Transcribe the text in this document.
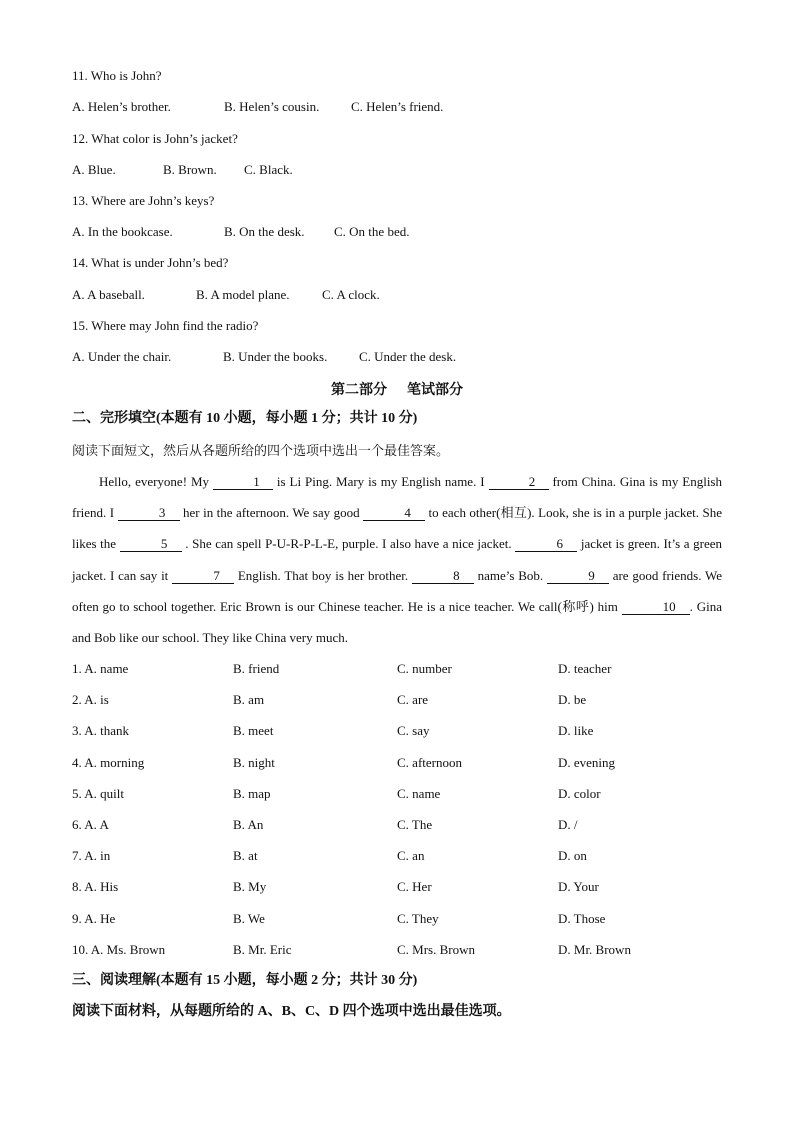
11. Who is John?
A. Helen’s brother.	B. Helen’s cousin. C. Helen’s friend.
12. What color is John’s jacket?
A. Blue.	B. Brown. C. Black.
13. Where are John’s keys?
A. In the bookcase.	B. On the desk. C. On the bed.
14. What is under John’s bed?
A. A baseball.	B. A model plane. C. A clock.
15. Where may John find the radio?
A. Under the chair.	B. Under the books. C. Under the desk.
第二部分 笔试部分
二、完形填空(本题有 10 小题，每小题 1 分；共计 10 分)
阅读下面短文，然后从各题所给的四个选项中选出一个最佳答案。
Hello, everyone! My	1 is Li Ping. Mary is my English name. I	2 from China. Gina is my English friend. I	3 her in the afternoon. We say good	4 to each other(相互). Look, she is in a purple jacket. She likes the	5 . She can spell P-U-R-P-L-E, purple. I also have a nice jacket.	6 jacket is green. It’s a green jacket. I can say it	7 English. That boy is her brother.	8 name’s Bob.	9 are good friends. We often go to school together. Eric Brown is our Chinese teacher. He is a nice teacher. We call(称呼) him	10 . Gina and Bob like our school. They like China very much.
1. A. name	B. friend	C. number	D. teacher
2. A. is	B. am	C. are	D. be
3. A. thank	B. meet	C. say	D. like
4. A. morning	B. night	C. afternoon	D. evening
5. A. quilt	B. map	C. name	D. color
6. A. A	B. An	C. The	D. /
7. A. in	B. at	C. an	D. on
8. A. His	B. My	C. Her	D. Your
9. A. He	B. We	C. They	D. Those
10. A. Ms. Brown	B. Mr. Eric	C. Mrs. Brown	D. Mr. Brown
三、阅读理解(本题有 15 小题，每小题 2 分；共计 30 分)
阅读下面材料，从每题所给的 A、B、C、D 四个选项中选出最佳选项。
